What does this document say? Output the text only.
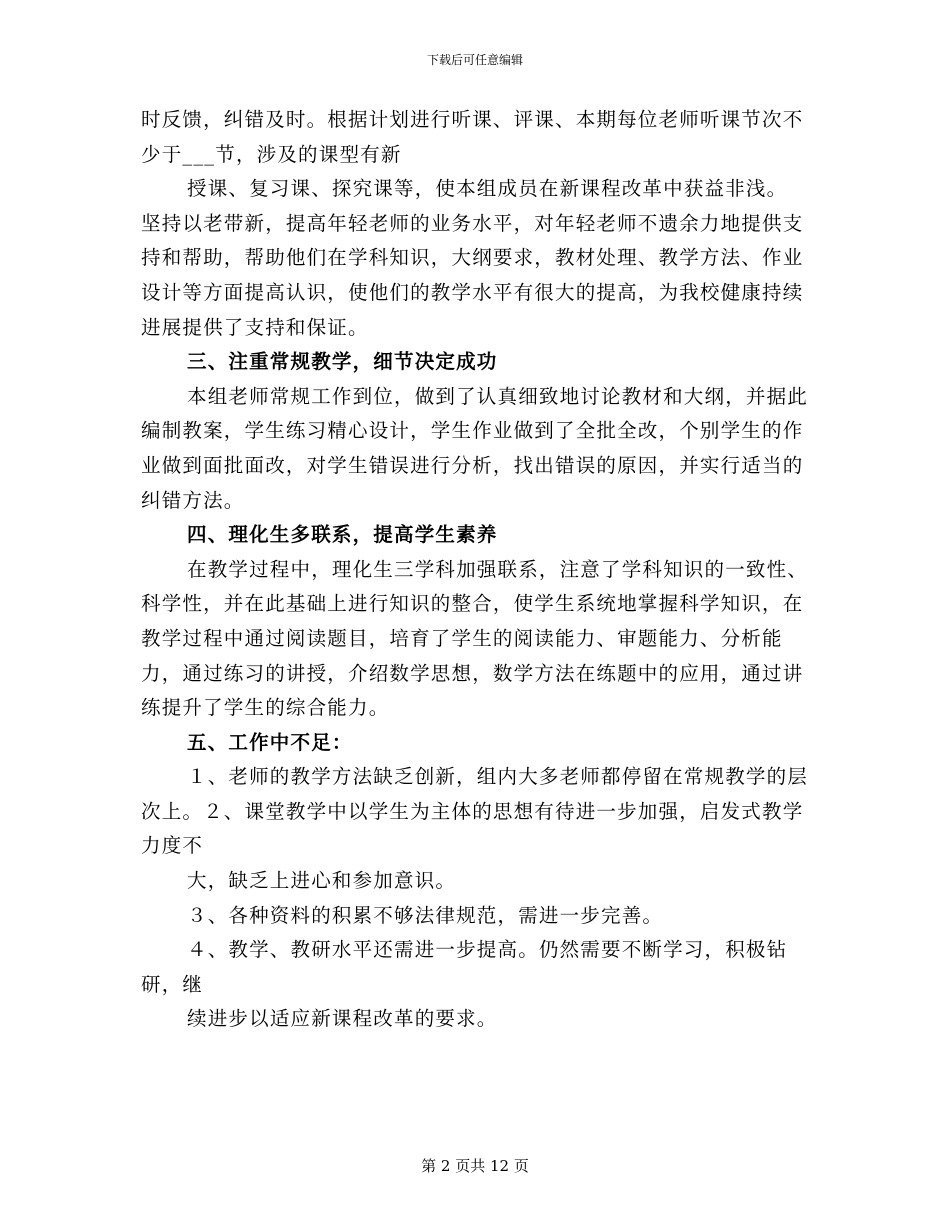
下载后可任意编辑

时反馈，纠错及时。根据计划进行听课、评课、本期每位老师听课节次不少于___节，涉及的课型有新

授课、复习课、探究课等，使本组成员在新课程改革中获益非浅。

坚持以老带新，提高年轻老师的业务水平，对年轻老师不遗余力地提供支持和帮助，帮助他们在学科知识，大纲要求，教材处理、教学方法、作业设计等方面提高认识，使他们的教学水平有很大的提高，为我校健康持续进展提供了支持和保证。

三、注重常规教学，细节决定成功

本组老师常规工作到位，做到了认真细致地讨论教材和大纲，并据此编制教案，学生练习精心设计，学生作业做到了全批全改，个别学生的作业做到面批面改，对学生错误进行分析，找出错误的原因，并实行适当的纠错方法。

四、理化生多联系，提高学生素养

在教学过程中，理化生三学科加强联系，注意了学科知识的一致性、科学性，并在此基础上进行知识的整合，使学生系统地掌握科学知识，在教学过程中通过阅读题目，培育了学生的阅读能力、审题能力、分析能力，通过练习的讲授，介绍数学思想，数学方法在练题中的应用，通过讲练提升了学生的综合能力。

五、工作中不足：

１、老师的教学方法缺乏创新，组内大多老师都停留在常规教学的层次上。２、课堂教学中以学生为主体的思想有待进一步加强，启发式教学力度不

大，缺乏上进心和参加意识。

３、各种资料的积累不够法律规范，需进一步完善。

４、教学、教研水平还需进一步提高。仍然需要不断学习，积极钻研，继

续进步以适应新课程改革的要求。

第 2 页共 12 页
